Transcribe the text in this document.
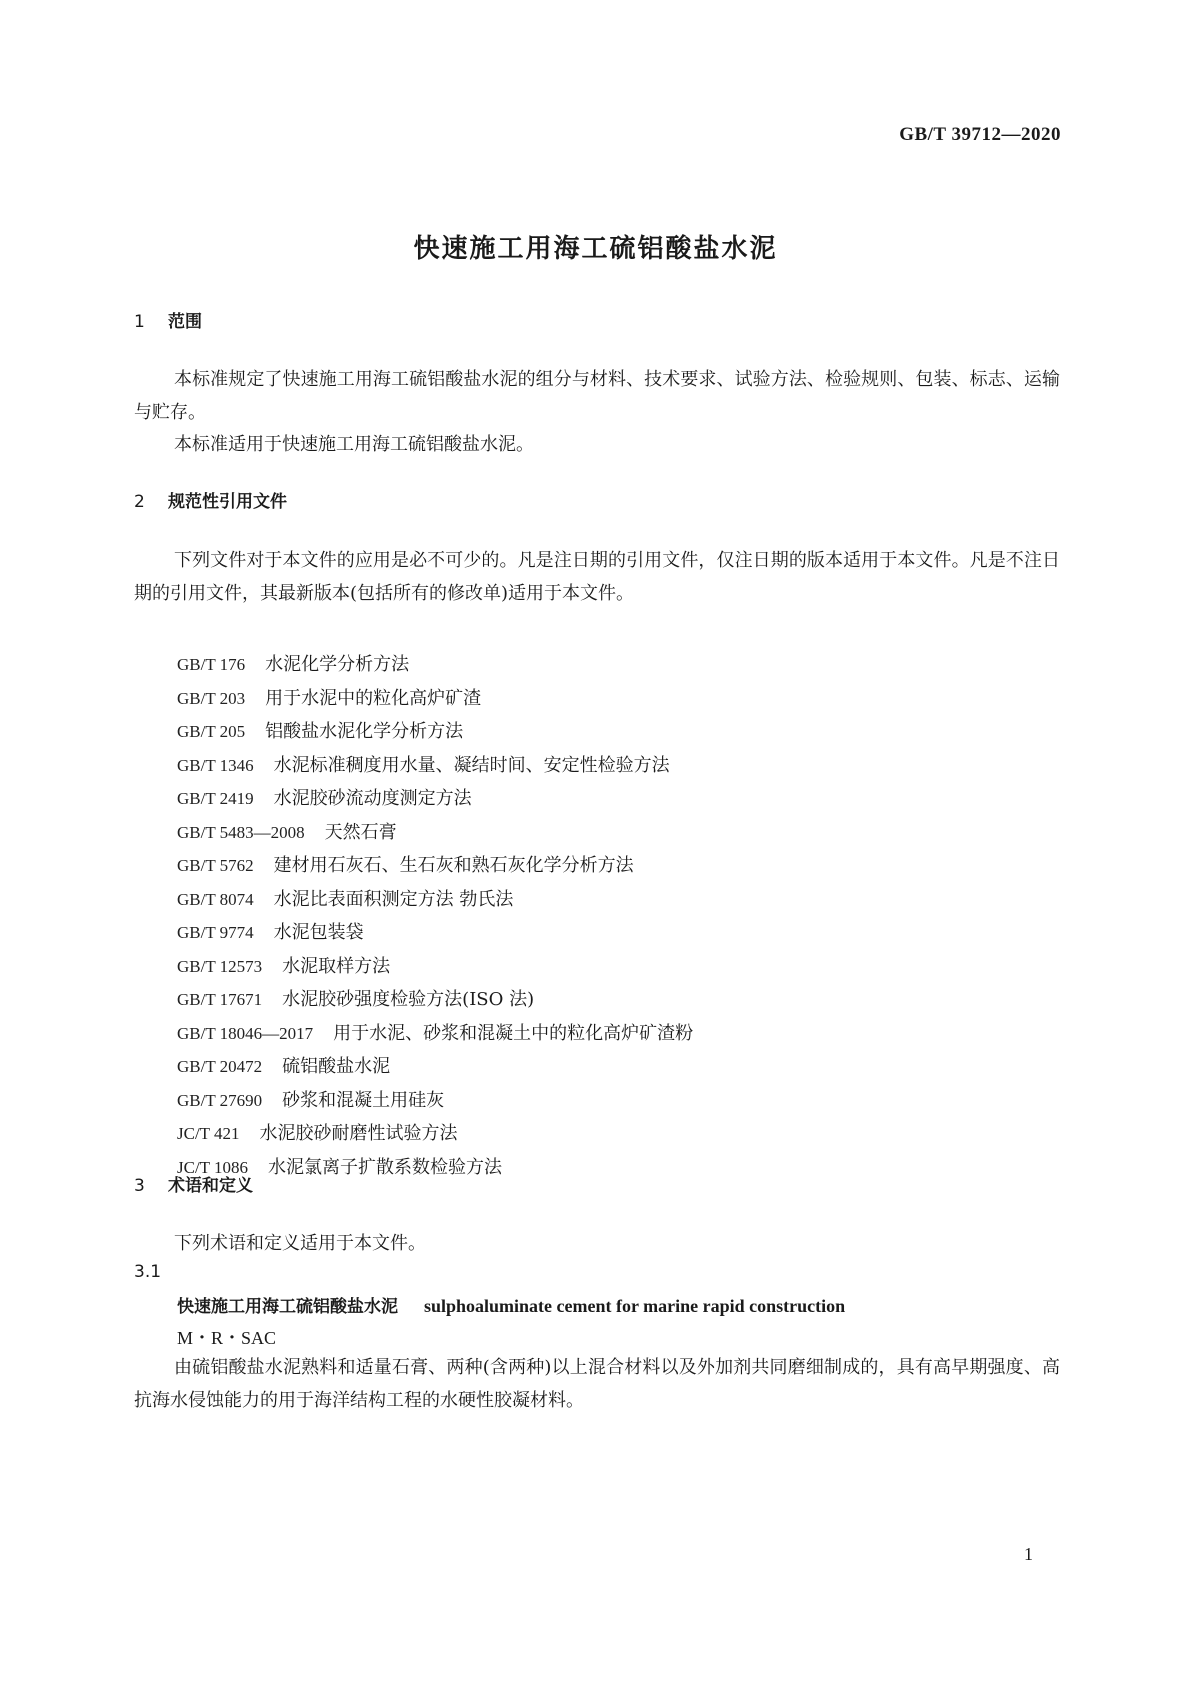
GB/T 39712—2020
快速施工用海工硫铝酸盐水泥
1 范围
本标准规定了快速施工用海工硫铝酸盐水泥的组分与材料、技术要求、试验方法、检验规则、包装、标志、运输与贮存。
本标准适用于快速施工用海工硫铝酸盐水泥。
2 规范性引用文件
下列文件对于本文件的应用是必不可少的。凡是注日期的引用文件，仅注日期的版本适用于本文件。凡是不注日期的引用文件，其最新版本(包括所有的修改单)适用于本文件。
GB/T 176 水泥化学分析方法
GB/T 203 用于水泥中的粒化高炉矿渣
GB/T 205 铝酸盐水泥化学分析方法
GB/T 1346 水泥标准稠度用水量、凝结时间、安定性检验方法
GB/T 2419 水泥胶砂流动度测定方法
GB/T 5483—2008 天然石膏
GB/T 5762 建材用石灰石、生石灰和熟石灰化学分析方法
GB/T 8074 水泥比表面积测定方法 勃氏法
GB/T 9774 水泥包装袋
GB/T 12573 水泥取样方法
GB/T 17671 水泥胶砂强度检验方法(ISO 法)
GB/T 18046—2017 用于水泥、砂浆和混凝土中的粒化高炉矿渣粉
GB/T 20472 硫铝酸盐水泥
GB/T 27690 砂浆和混凝土用硅灰
JC/T 421 水泥胶砂耐磨性试验方法
JC/T 1086 水泥氯离子扩散系数检验方法
3 术语和定义
下列术语和定义适用于本文件。
3.1
快速施工用海工硫铝酸盐水泥 sulphoaluminate cement for marine rapid construction
M・R・SAC
由硫铝酸盐水泥熟料和适量石膏、两种(含两种)以上混合材料以及外加剂共同磨细制成的，具有高早期强度、高抗海水侵蚀能力的用于海洋结构工程的水硬性胶凝材料。
1
